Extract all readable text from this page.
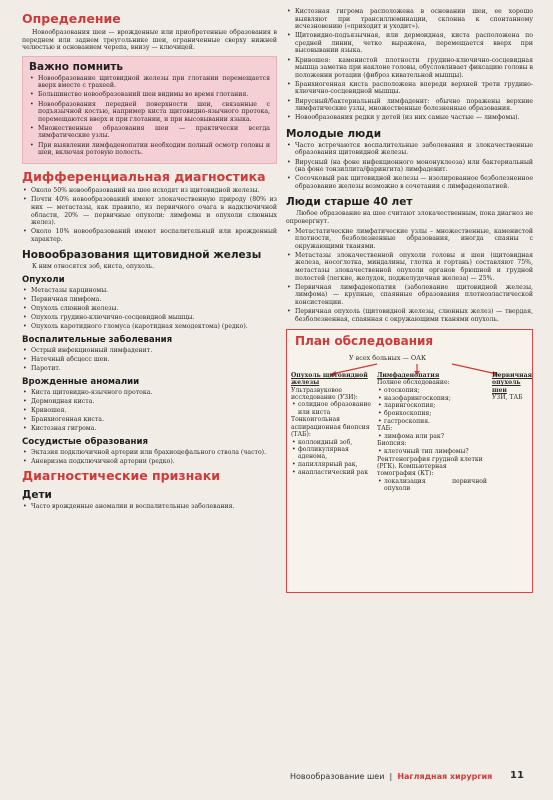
Определение

Новообразования шеи — врожденные или приобретенные образования в переднем или заднем треугольнике шеи, ограниченные сверху нижней челюстью и основанием черепа, внизу — ключицей.

Важно помнить
• Новообразование щитовидной железы при глотании перемещается вверх вместе с трахеей.
• Большинство новообразований шеи видимы во время глотания.
• Новообразования передней поверхности шеи, связанные с подъязычной костью, например киста щитовидно-язычного протока, перемещаются вверх и при глотании, и при высовывании языка.
• Множественные образования шеи — практически всегда лимфатические узлы.
• При выявлении лимфаденопатии необходим полный осмотр головы и шеи, включая ротовую полость.
Дифференциальная диагностика
• Около 50% новообразований на шее исходят из щитовидной железы.
• Почти 40% новообразований имеют злокачественную природу (80% из них — метастазы, как правило, из первичного очага в надключичной области, 20% — первичные опухоли: лимфомы и опухоли слюнных желез).
• Около 10% новообразований имеют воспалительный или врожденный характер.
Новообразования щитовидной железы

К ним относятся зоб, киста, опухоль.

Опухоли
• Метастазы карциномы.
• Первичная лимфома.
• Опухоль слюнной железы.
• Опухоль грудино-ключично-сосцевидной мышцы.
• Опухоль каротидного гломуса (каротидная хемодектома) (редко).
Воспалительные заболевания
• Острый инфекционный лимфаденит.
• Натечный абсцесс шеи.
• Паротит.
Врожденные аномалии
• Киста щитовидно-язычного протока.
• Дермоидная киста.
• Кривошея.
• Бранхиогенная киста.
• Кистозная гигрома.
Сосудистые образования
• Эктазия подключичной артерии или брахиоцефального ствола (часто).
• Аневризма подключичной артерии (редко).
Диагностические признаки
Дети
• Часто врожденные аномалии и воспалительные заболевания.
• Кистозная гигрома расположена в основании шеи, ее хорошо выявляют при трансиллюминации, склонна к спонтанному исчезновению («приходит и уходит»).
• Щитовидно-подъязычная, или дермоидная, киста расположена по средней линии, четко выражена, перемещается вверх при высовывании языка.
• Кривошея: каменистой плотности грудино-ключично-сосцевидная мышца заметна при наклоне головы, обусловливает фиксацию головы в положении ротации (фиброз кивательной мышцы).
• Бранхиогенная киста расположена впереди верхней трети грудино-ключично-сосцевидной мышцы.
• Вирусный/бактериальный лимфаденит: обычно поражены верхние лимфатические узлы, множественные болезненные образования.
• Новообразования редки у детей (из них самые частые — лимфомы).
Молодые люди
• Часто встречаются воспалительные заболевания и злокачественные образования щитовидной железы.
• Вирусный (на фоне инфекционного мононуклеоза) или бактериальный (на фоне тонзиллита/фарингита) лимфаденит.
• Сосочковый рак щитовидной железы — изолированное безболезненное образование железы возможно в сочетании с лимфаденопатией.
Люди старше 40 лет

Любое образование на шее считают злокачественным, пока диагноз не опровергнут.

• Метастатические лимфатические узлы – множественные, каменистой плотности, безболезненные образования, иногда спаяны с окружающими тканями.
• Метастазы злокачественной опухоли головы и шеи (щитовидная железа, носоглотка, миндалины, глотка и гортань) составляют 75%, метастазы злокачественной опухоли органов брюшной и грудной полостей (легкие, желудок, поджелудочная железа) — 25%.
• Первичная лимфаденопатия (заболевание щитовидной железы, лимфома) — крупные, спаянные образования плотноэластической консистенции.
• Первичная опухоль (щитовидной железы, слюнных желез) — твердая, безболезненная, спаянная с окружающими тканями опухоль.
План обследования
У всех больных — ОАК
Опухоль щитовидной железы
Ультразвуковое исследование (УЗИ):
• солидное образование или киста
Тонкоигольная аспирационная биопсия (ТАБ):
• коллоидный зоб,
• фолликулярная аденома,
• папиллярный рак,
• анапластический рак
Лимфаденопатия
Полное обследование:
• отоскопия;
• назофарингоскопия;
• ларингоскопия;
• бронхоскопия;
• гастроскопия.
ТАБ:
• лимфома или рак?
Биопсия:
• клеточный тип лимфомы?
Рентгенография грудной клетки (РГК). Компьютерная томография (КТ):
• локализация первичной опухоли
Первичная опухоль шеи
УЗИ, ТАБ
Новообразование шеи  |  Наглядная хирургия 11
